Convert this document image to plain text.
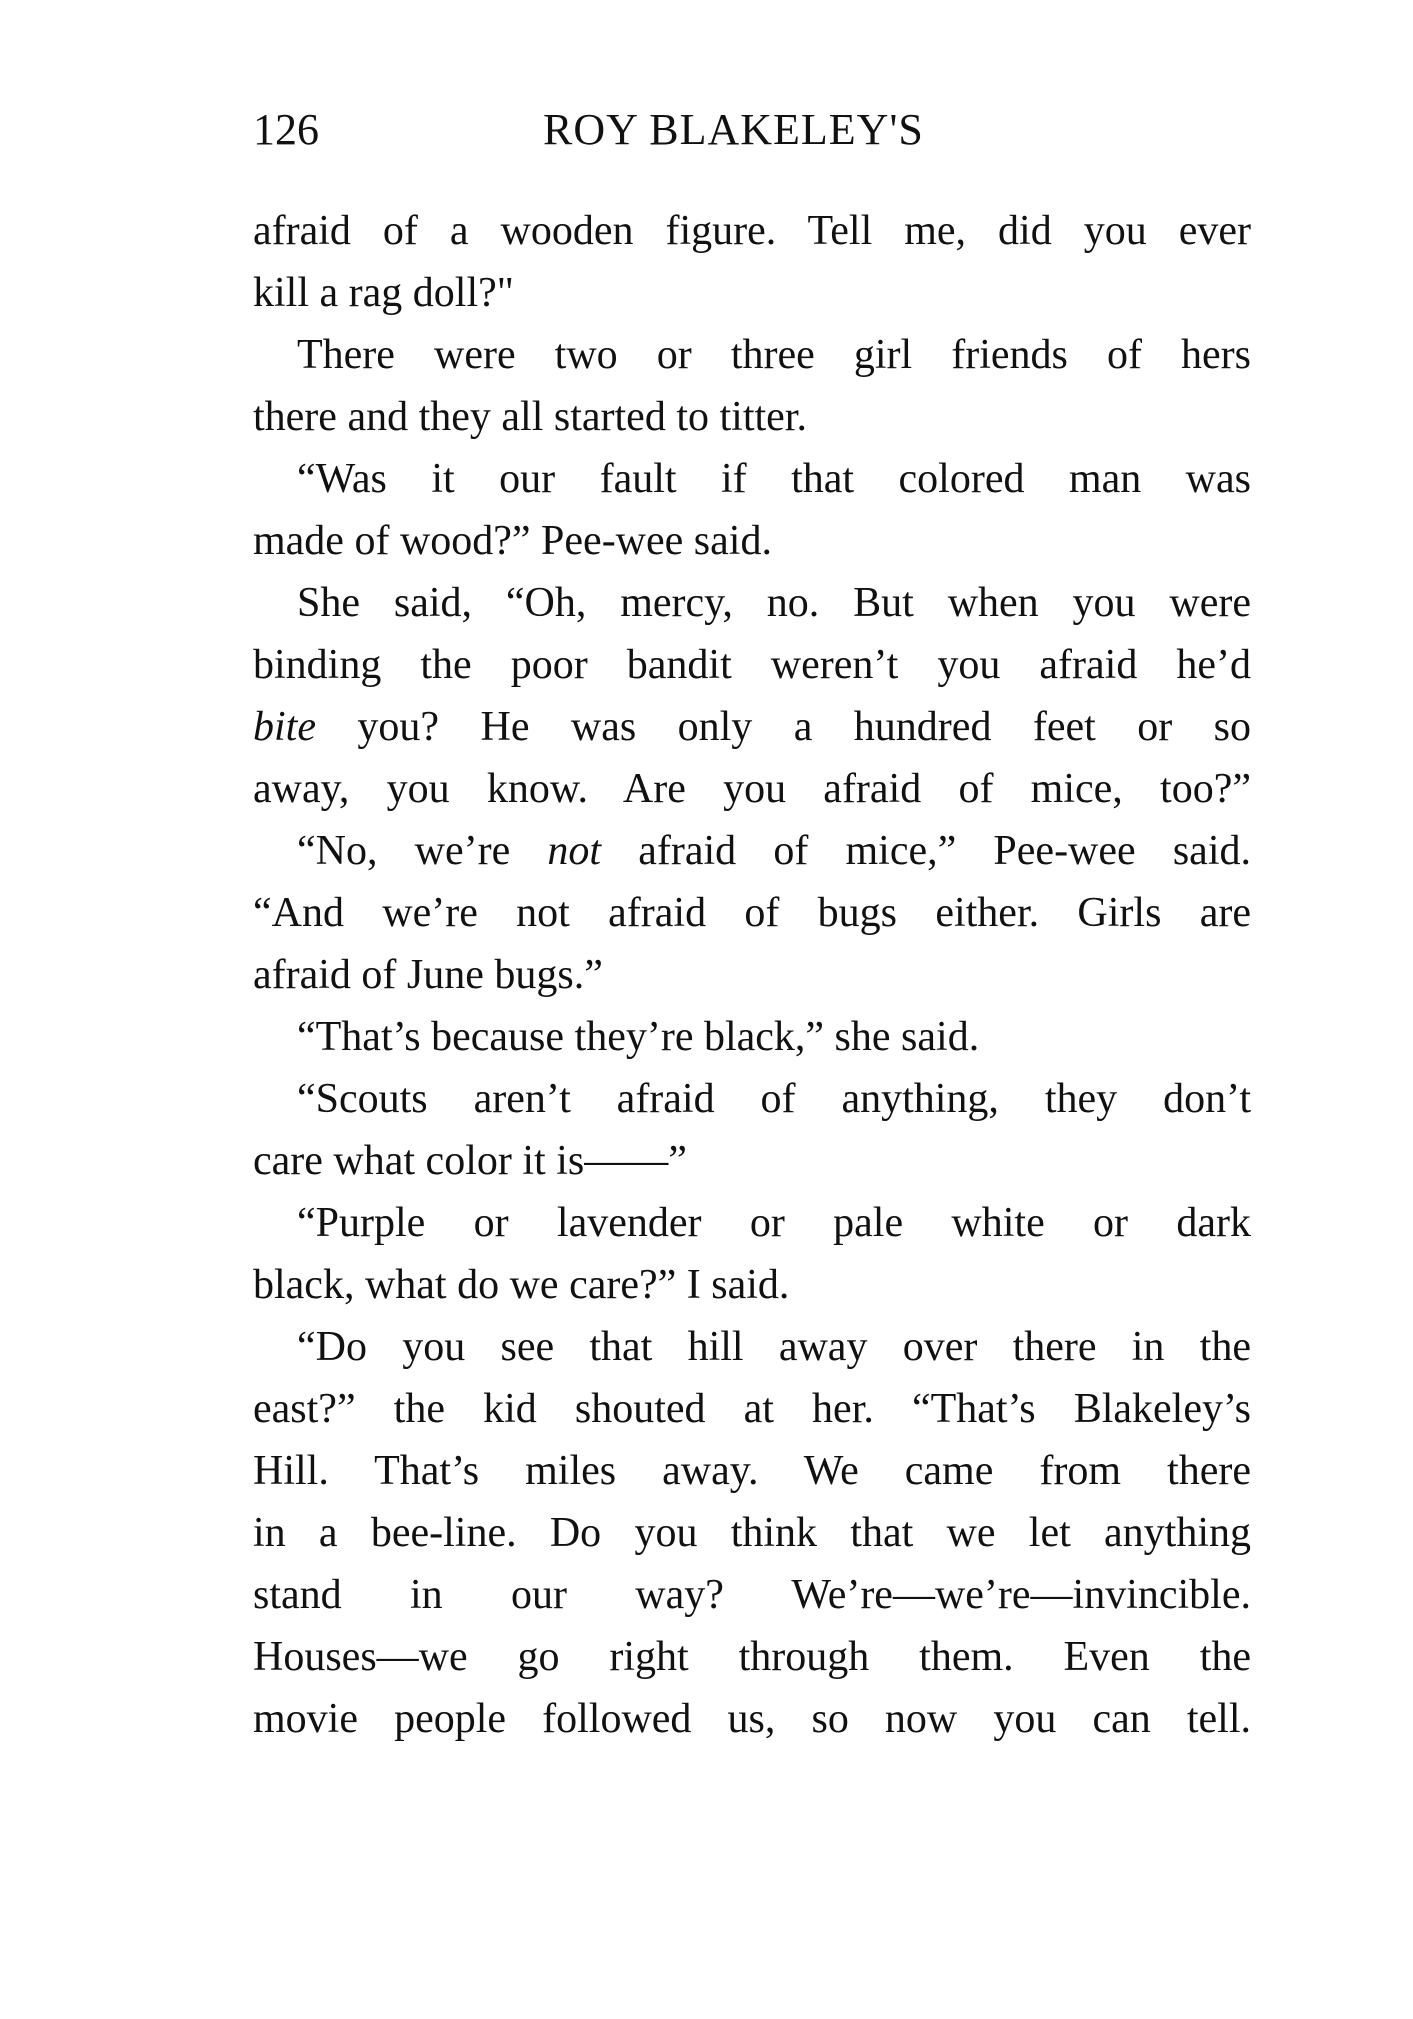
126	ROY BLAKELEY'S
afraid of a wooden figure. Tell me, did you ever
kill a rag doll?"
There were two or three girl friends of hers
there and they all started to titter.
“Was it our fault if that colored man was
made of wood?” Pee-wee said.
She said, “Oh, mercy, no. But when you were
binding the poor bandit weren’t you afraid he’d
bite you? He was only a hundred feet or so
away, you know. Are you afraid of mice, too?”
“No, we’re not afraid of mice,” Pee-wee said.
“And we’re not afraid of bugs either. Girls are
afraid of June bugs.”
“That’s because they’re black,” she said.
“Scouts aren’t afraid of anything, they don’t
care what color it is——”
“Purple or lavender or pale white or dark
black, what do we care?” I said.
“Do you see that hill away over there in the
east?” the kid shouted at her. “That’s Blakeley’s
Hill. That’s miles away. We came from there
in a bee-line. Do you think that we let anything
stand in our way? We’re—we’re—invincible.
Houses—we go right through them. Even the
movie people followed us, so now you can tell.
